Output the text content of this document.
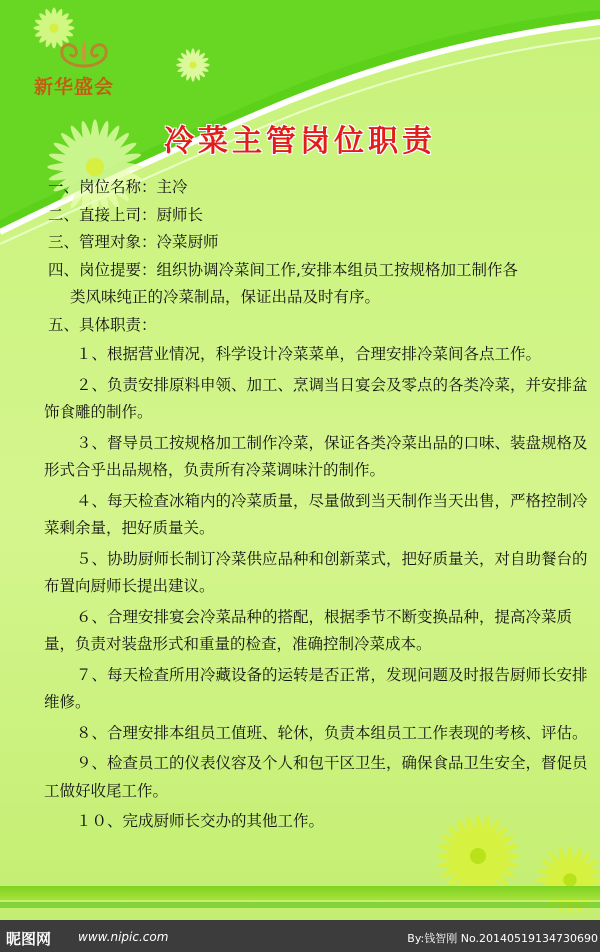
新华盛会
冷菜主管岗位职责

一、岗位名称：主冷

二、直接上司：厨师长

三、管理对象：冷菜厨师

四、岗位提要：组织协调冷菜间工作,安排本组员工按规格加工制作各

类风味纯正的冷菜制品，保证出品及时有序。

五、具体职责：

１、根据营业情况，科学设计冷菜菜单，合理安排冷菜间各点工作。

２、负责安排原料申领、加工、烹调当日宴会及零点的各类冷菜，并安排盆饰食雕的制作。

３、督导员工按规格加工制作冷菜，保证各类冷菜出品的口味、装盘规格及形式合乎出品规格，负责所有冷菜调味汁的制作。

４、每天检查冰箱内的冷菜质量，尽量做到当天制作当天出售，严格控制冷菜剩余量，把好质量关。

５、协助厨师长制订冷菜供应品种和创新菜式，把好质量关，对自助餐台的布置向厨师长提出建议。

６、合理安排宴会冷菜品种的搭配，根据季节不断变换品种，提高冷菜质量，负责对装盘形式和重量的检查，准确控制冷菜成本。

７、每天检查所用冷藏设备的运转是否正常，发现问题及时报告厨师长安排维修。

８、合理安排本组员工值班、轮休，负责本组员工工作表现的考核、评估。

９、检查员工的仪表仪容及个人和包干区卫生，确保食品卫生安全，督促员工做好收尾工作。

１０、完成厨师长交办的其他工作。

昵图网 www.nipic.com	By:钱智刚 No.20140519134730690
